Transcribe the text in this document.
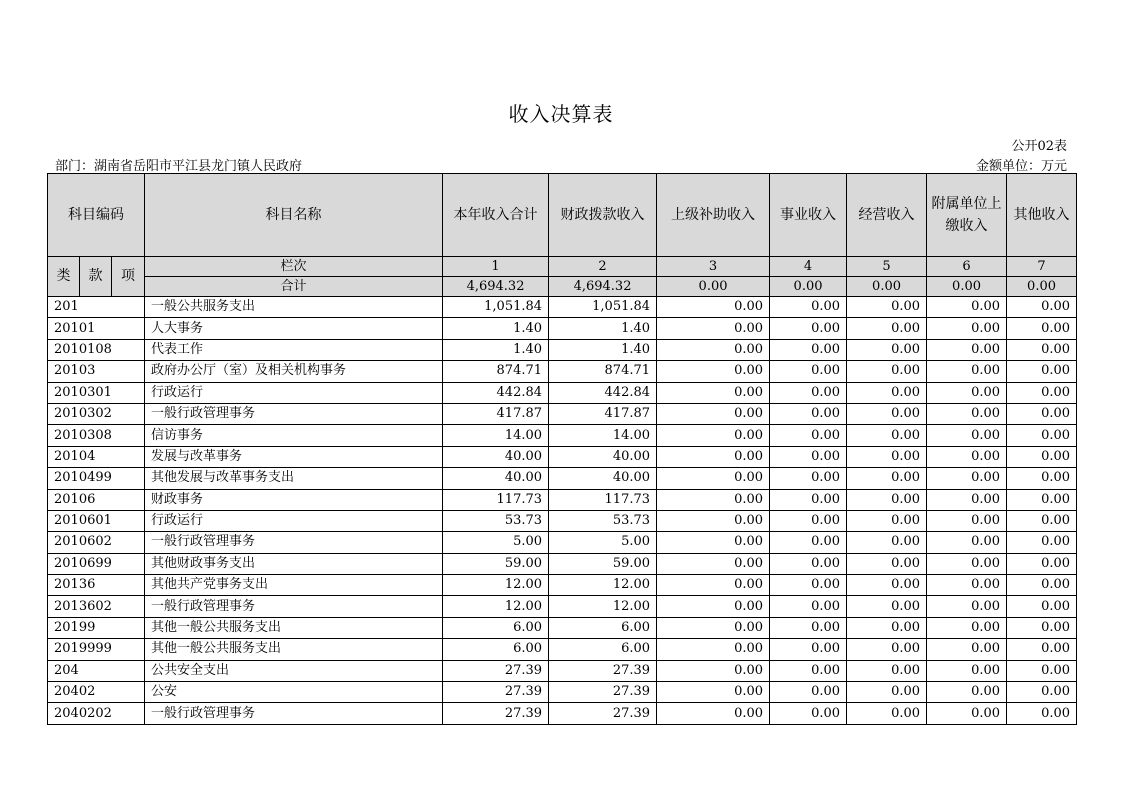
收入决算表
公开02表
部门：湖南省岳阳市平江县龙门镇人民政府	金额单位：万元
科目编码			科目名称	本年收入合计	财政拨款收入	上级补助收入	事业收入	经营收入	附属单位上缴收入	其他收入
类	款	项	栏次	1	2	3	4	5	6	7
			合计	4,694.32	4,694.32	0.00	0.00	0.00	0.00	0.00
201			一般公共服务支出	1,051.84	1,051.84	0.00	0.00	0.00	0.00	0.00
20101			人大事务	1.40	1.40	0.00	0.00	0.00	0.00	0.00
2010108			代表工作	1.40	1.40	0.00	0.00	0.00	0.00	0.00
20103			政府办公厅（室）及相关机构事务	874.71	874.71	0.00	0.00	0.00	0.00	0.00
2010301			行政运行	442.84	442.84	0.00	0.00	0.00	0.00	0.00
2010302			一般行政管理事务	417.87	417.87	0.00	0.00	0.00	0.00	0.00
2010308			信访事务	14.00	14.00	0.00	0.00	0.00	0.00	0.00
20104			发展与改革事务	40.00	40.00	0.00	0.00	0.00	0.00	0.00
2010499			其他发展与改革事务支出	40.00	40.00	0.00	0.00	0.00	0.00	0.00
20106			财政事务	117.73	117.73	0.00	0.00	0.00	0.00	0.00
2010601			行政运行	53.73	53.73	0.00	0.00	0.00	0.00	0.00
2010602			一般行政管理事务	5.00	5.00	0.00	0.00	0.00	0.00	0.00
2010699			其他财政事务支出	59.00	59.00	0.00	0.00	0.00	0.00	0.00
20136			其他共产党事务支出	12.00	12.00	0.00	0.00	0.00	0.00	0.00
2013602			一般行政管理事务	12.00	12.00	0.00	0.00	0.00	0.00	0.00
20199			其他一般公共服务支出	6.00	6.00	0.00	0.00	0.00	0.00	0.00
2019999			其他一般公共服务支出	6.00	6.00	0.00	0.00	0.00	0.00	0.00
204			公共安全支出	27.39	27.39	0.00	0.00	0.00	0.00	0.00
20402			公安	27.39	27.39	0.00	0.00	0.00	0.00	0.00
2040202			一般行政管理事务	27.39	27.39	0.00	0.00	0.00	0.00	0.00
